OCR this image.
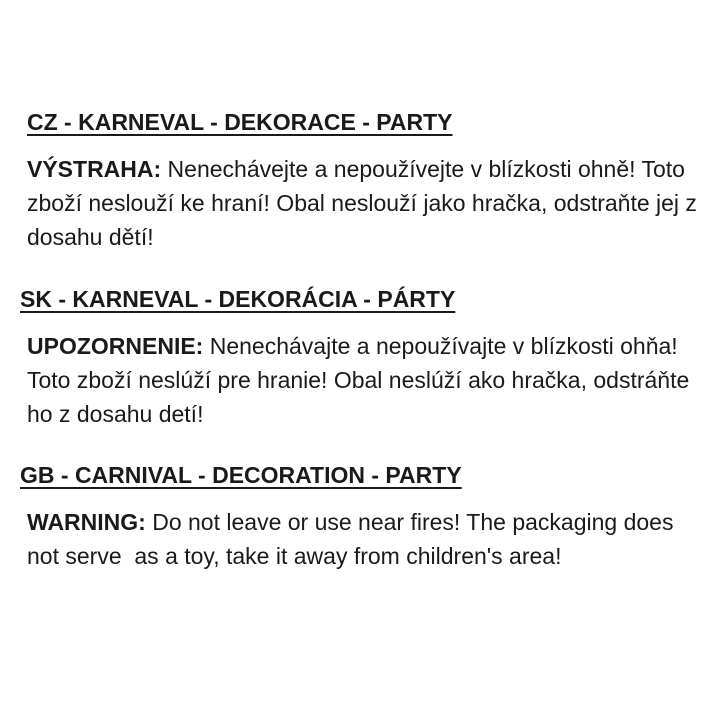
CZ - KARNEVAL - DEKORACE - PARTY
VÝSTRAHA: Nenechávejte a nepoužívejte v blízkosti ohně! Toto zboží neslouží ke hraní! Obal neslouží jako hračka, odstraňte jej z dosahu dětí!
SK - KARNEVAL - DEKORÁCIA - PÁRTY
UPOZORNENIE: Nenechávajte a nepoužívajte v blízkosti ohňa! Toto zboží neslúží pre hranie! Obal neslúží ako hračka, odstráňte ho z dosahu detí!
GB - CARNIVAL - DECORATION - PARTY
WARNING: Do not leave or use near fires! The packaging does not serve  as a toy, take it away from children's area!
